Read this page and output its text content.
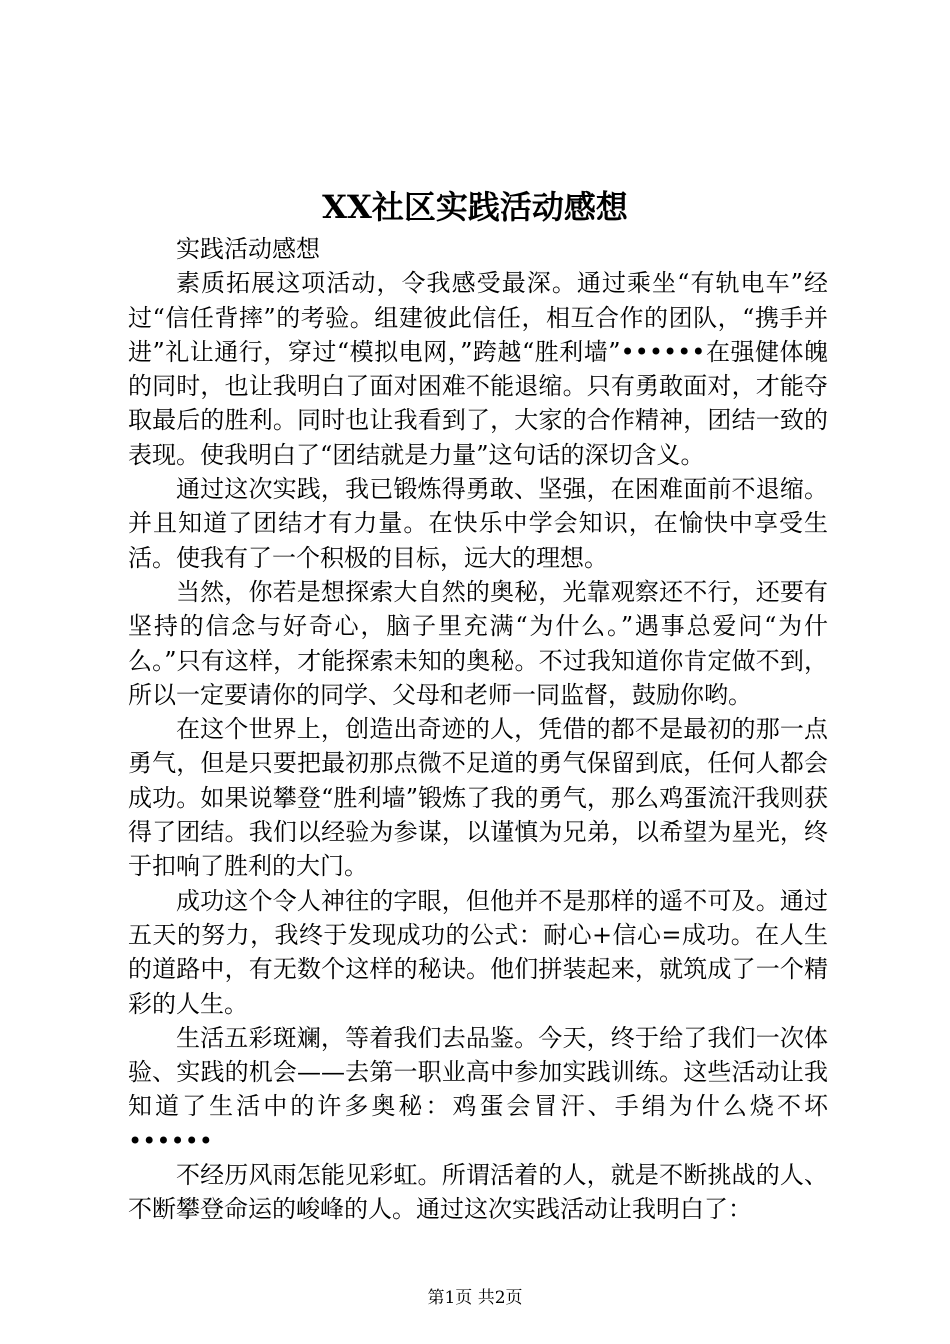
XX社区实践活动感想

实践活动感想

素质拓展这项活动，令我感受最深。通过乘坐“有轨电车”经过“信任背摔”的考验。组建彼此信任，相互合作的团队，“携手并进”礼让通行，穿过“模拟电网，”跨越“胜利墙”••••••在强健体魄的同时，也让我明白了面对困难不能退缩。只有勇敢面对，才能夺取最后的胜利。同时也让我看到了，大家的合作精神，团结一致的表现。使我明白了“团结就是力量”这句话的深切含义。

通过这次实践，我已锻炼得勇敢、坚强，在困难面前不退缩。并且知道了团结才有力量。在快乐中学会知识，在愉快中享受生活。使我有了一个积极的目标，远大的理想。

当然，你若是想探索大自然的奥秘，光靠观察还不行，还要有坚持的信念与好奇心，脑子里充满“为什么。”遇事总爱问“为什么。”只有这样，才能探索未知的奥秘。不过我知道你肯定做不到，所以一定要请你的同学、父母和老师一同监督，鼓励你哟。

在这个世界上，创造出奇迹的人，凭借的都不是最初的那一点勇气，但是只要把最初那点微不足道的勇气保留到底，任何人都会成功。如果说攀登“胜利墙”锻炼了我的勇气，那么鸡蛋流汗我则获得了团结。我们以经验为参谋，以谨慎为兄弟，以希望为星光，终于扣响了胜利的大门。

成功这个令人神往的字眼，但他并不是那样的遥不可及。通过五天的努力，我终于发现成功的公式：耐心+信心=成功。在人生的道路中，有无数个这样的秘诀。他们拼装起来，就筑成了一个精彩的人生。

生活五彩斑斓，等着我们去品鉴。今天，终于给了我们一次体验、实践的机会——去第一职业高中参加实践训练。这些活动让我知道了生活中的许多奥秘：鸡蛋会冒汗、手绢为什么烧不坏••••••

不经历风雨怎能见彩虹。所谓活着的人，就是不断挑战的人、不断攀登命运的峻峰的人。通过这次实践活动让我明白了：

第1页 共2页
